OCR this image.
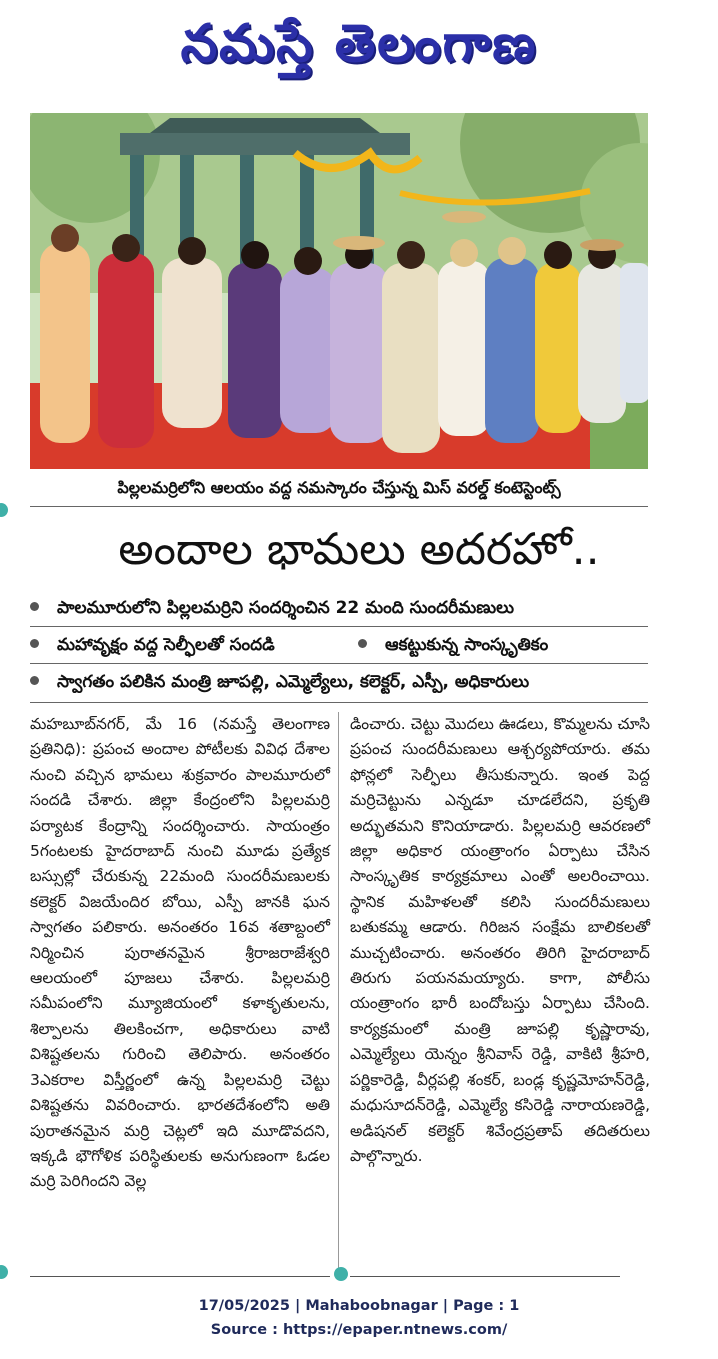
నమస్తే తెలంగాణ
పిల్లలమర్రిలోని ఆలయం వద్ద నమస్కారం చేస్తున్న మిస్ వరల్డ్ కంటెస్టెంట్స్
అందాల భామలు అదరహో..
పాలమూరులోని పిల్లలమర్రిని సందర్శించిన 22 మంది సుందరీమణులు
మహావృక్షం వద్ద సెల్ఫీలతో సందడి	ఆకట్టుకున్న సాంస్కృతికం
స్వాగతం పలికిన మంత్రి జూపల్లి, ఎమ్మెల్యేలు, కలెక్టర్, ఎస్పీ, అధికారులు
మహబూబ్‌నగర్, మే 16 (నమస్తే తెలంగాణ ప్రతినిధి): ప్రపంచ అందాల పోటీలకు వివిధ దేశాల నుంచి వచ్చిన భామలు శుక్రవారం పాలమూరులో సందడి చేశారు. జిల్లా కేంద్రంలోని పిల్లలమర్రి పర్యాటక కేంద్రాన్ని సందర్శించారు. సాయంత్రం 5గంటలకు హైదరాబాద్ నుంచి మూడు ప్రత్యేక బస్సుల్లో చేరుకున్న 22మంది సుందరీమణులకు కలెక్టర్ విజయేందిర బోయి, ఎస్పీ జానకి ఘన స్వాగతం పలికారు. అనంతరం 16వ శతాబ్దంలో నిర్మించిన పురాతనమైన శ్రీరాజరాజేశ్వరి ఆలయంలో పూజలు చేశారు. పిల్లలమర్రి సమీపంలోని మ్యూజియంలో కళాకృతులను, శిల్పాలను తిలకించగా, అధికారులు వాటి విశిష్టతలను గురించి తెలిపారు. అనంతరం 3ఎకరాల విస్తీర్ణంలో ఉన్న పిల్లలమర్రి చెట్టు విశిష్టతను వివరించారు. భారతదేశంలోని అతి పురాతనమైన మర్రి చెట్లలో ఇది మూడొవదని, ఇక్కడి భౌగోళిక పరిస్థితులకు అనుగుణంగా ఓడల మర్రి పెరిగిందని వెల్ల
డించారు. చెట్టు మొదలు ఊడలు, కొమ్మలను చూసి ప్రపంచ సుందరీమణులు ఆశ్చర్యపోయారు. తమ ఫోన్లలో సెల్ఫీలు తీసుకున్నారు. ఇంత పెద్ద మర్రిచెట్టును ఎన్నడూ చూడలేదని, ప్రకృతి అద్భుతమని కొనియాడారు. పిల్లలమర్రి ఆవరణలో జిల్లా అధికార యంత్రాంగం ఏర్పాటు చేసిన సాంస్కృతిక కార్యక్రమాలు ఎంతో అలరించాయి. స్థానిక మహిళలతో కలిసి సుందరీమణులు బతుకమ్మ ఆడారు. గిరిజన సంక్షేమ బాలికలతో ముచ్చటించారు. అనంతరం తిరిగి హైదరాబాద్ తిరుగు పయనమయ్యారు. కాగా, పోలీసు యంత్రాంగం భారీ బందోబస్తు ఏర్పాటు చేసింది. కార్యక్రమంలో మంత్రి జూపల్లి కృష్ణారావు, ఎమ్మెల్యేలు యెన్నం శ్రీనివాస్ రెడ్డి, వాకిటి శ్రీహరి, పర్ణికారెడ్డి, వీర్లపల్లి శంకర్, బండ్ల కృష్ణమోహన్‌రెడ్డి, మధుసూదన్‌రెడ్డి, ఎమ్మెల్యే కసిరెడ్డి నారాయణరెడ్డి, అడిషనల్ కలెక్టర్ శివేంద్రప్రతాప్ తదితరులు పాల్గొన్నారు.
17/05/2025 | Mahaboobnagar | Page : 1
Source : https://epaper.ntnews.com/
